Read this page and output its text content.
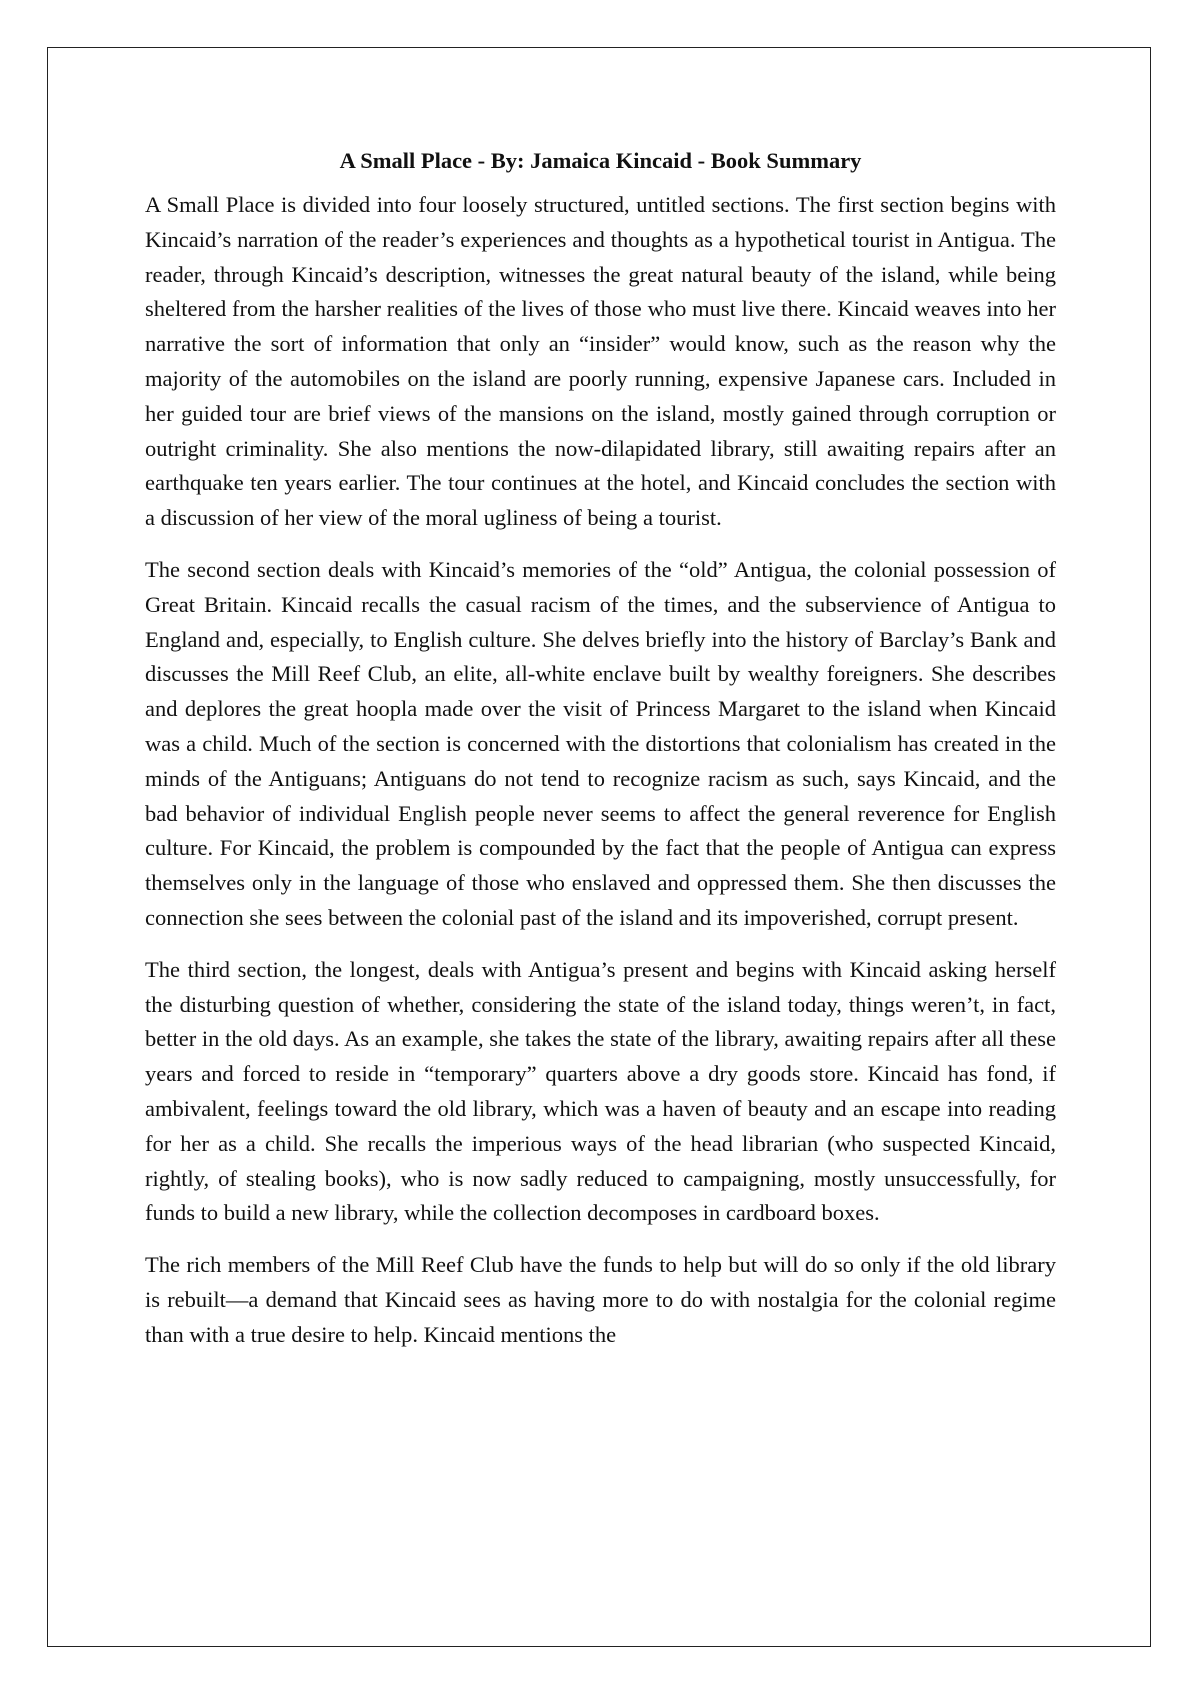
A Small Place - By: Jamaica Kincaid - Book Summary

A Small Place is divided into four loosely structured, untitled sections. The first section begins with Kincaid’s narration of the reader’s experiences and thoughts as a hypothetical tourist in Antigua. The reader, through Kincaid’s description, witnesses the great natural beauty of the island, while being sheltered from the harsher realities of the lives of those who must live there. Kincaid weaves into her narrative the sort of information that only an “insider” would know, such as the reason why the majority of the automobiles on the island are poorly running, expensive Japanese cars. Included in her guided tour are brief views of the mansions on the island, mostly gained through corruption or outright criminality. She also mentions the now-dilapidated library, still awaiting repairs after an earthquake ten years earlier. The tour continues at the hotel, and Kincaid concludes the section with a discussion of her view of the moral ugliness of being a tourist.

The second section deals with Kincaid’s memories of the “old” Antigua, the colonial possession of Great Britain. Kincaid recalls the casual racism of the times, and the subservience of Antigua to England and, especially, to English culture. She delves briefly into the history of Barclay’s Bank and discusses the Mill Reef Club, an elite, all-white enclave built by wealthy foreigners. She describes and deplores the great hoopla made over the visit of Princess Margaret to the island when Kincaid was a child. Much of the section is concerned with the distortions that colonialism has created in the minds of the Antiguans; Antiguans do not tend to recognize racism as such, says Kincaid, and the bad behavior of individual English people never seems to affect the general reverence for English culture. For Kincaid, the problem is compounded by the fact that the people of Antigua can express themselves only in the language of those who enslaved and oppressed them. She then discusses the connection she sees between the colonial past of the island and its impoverished, corrupt present.

The third section, the longest, deals with Antigua’s present and begins with Kincaid asking herself the disturbing question of whether, considering the state of the island today, things weren’t, in fact, better in the old days. As an example, she takes the state of the library, awaiting repairs after all these years and forced to reside in “temporary” quarters above a dry goods store. Kincaid has fond, if ambivalent, feelings toward the old library, which was a haven of beauty and an escape into reading for her as a child. She recalls the imperious ways of the head librarian (who suspected Kincaid, rightly, of stealing books), who is now sadly reduced to campaigning, mostly unsuccessfully, for funds to build a new library, while the collection decomposes in cardboard boxes.

The rich members of the Mill Reef Club have the funds to help but will do so only if the old library is rebuilt—a demand that Kincaid sees as having more to do with nostalgia for the colonial regime than with a true desire to help. Kincaid mentions the
